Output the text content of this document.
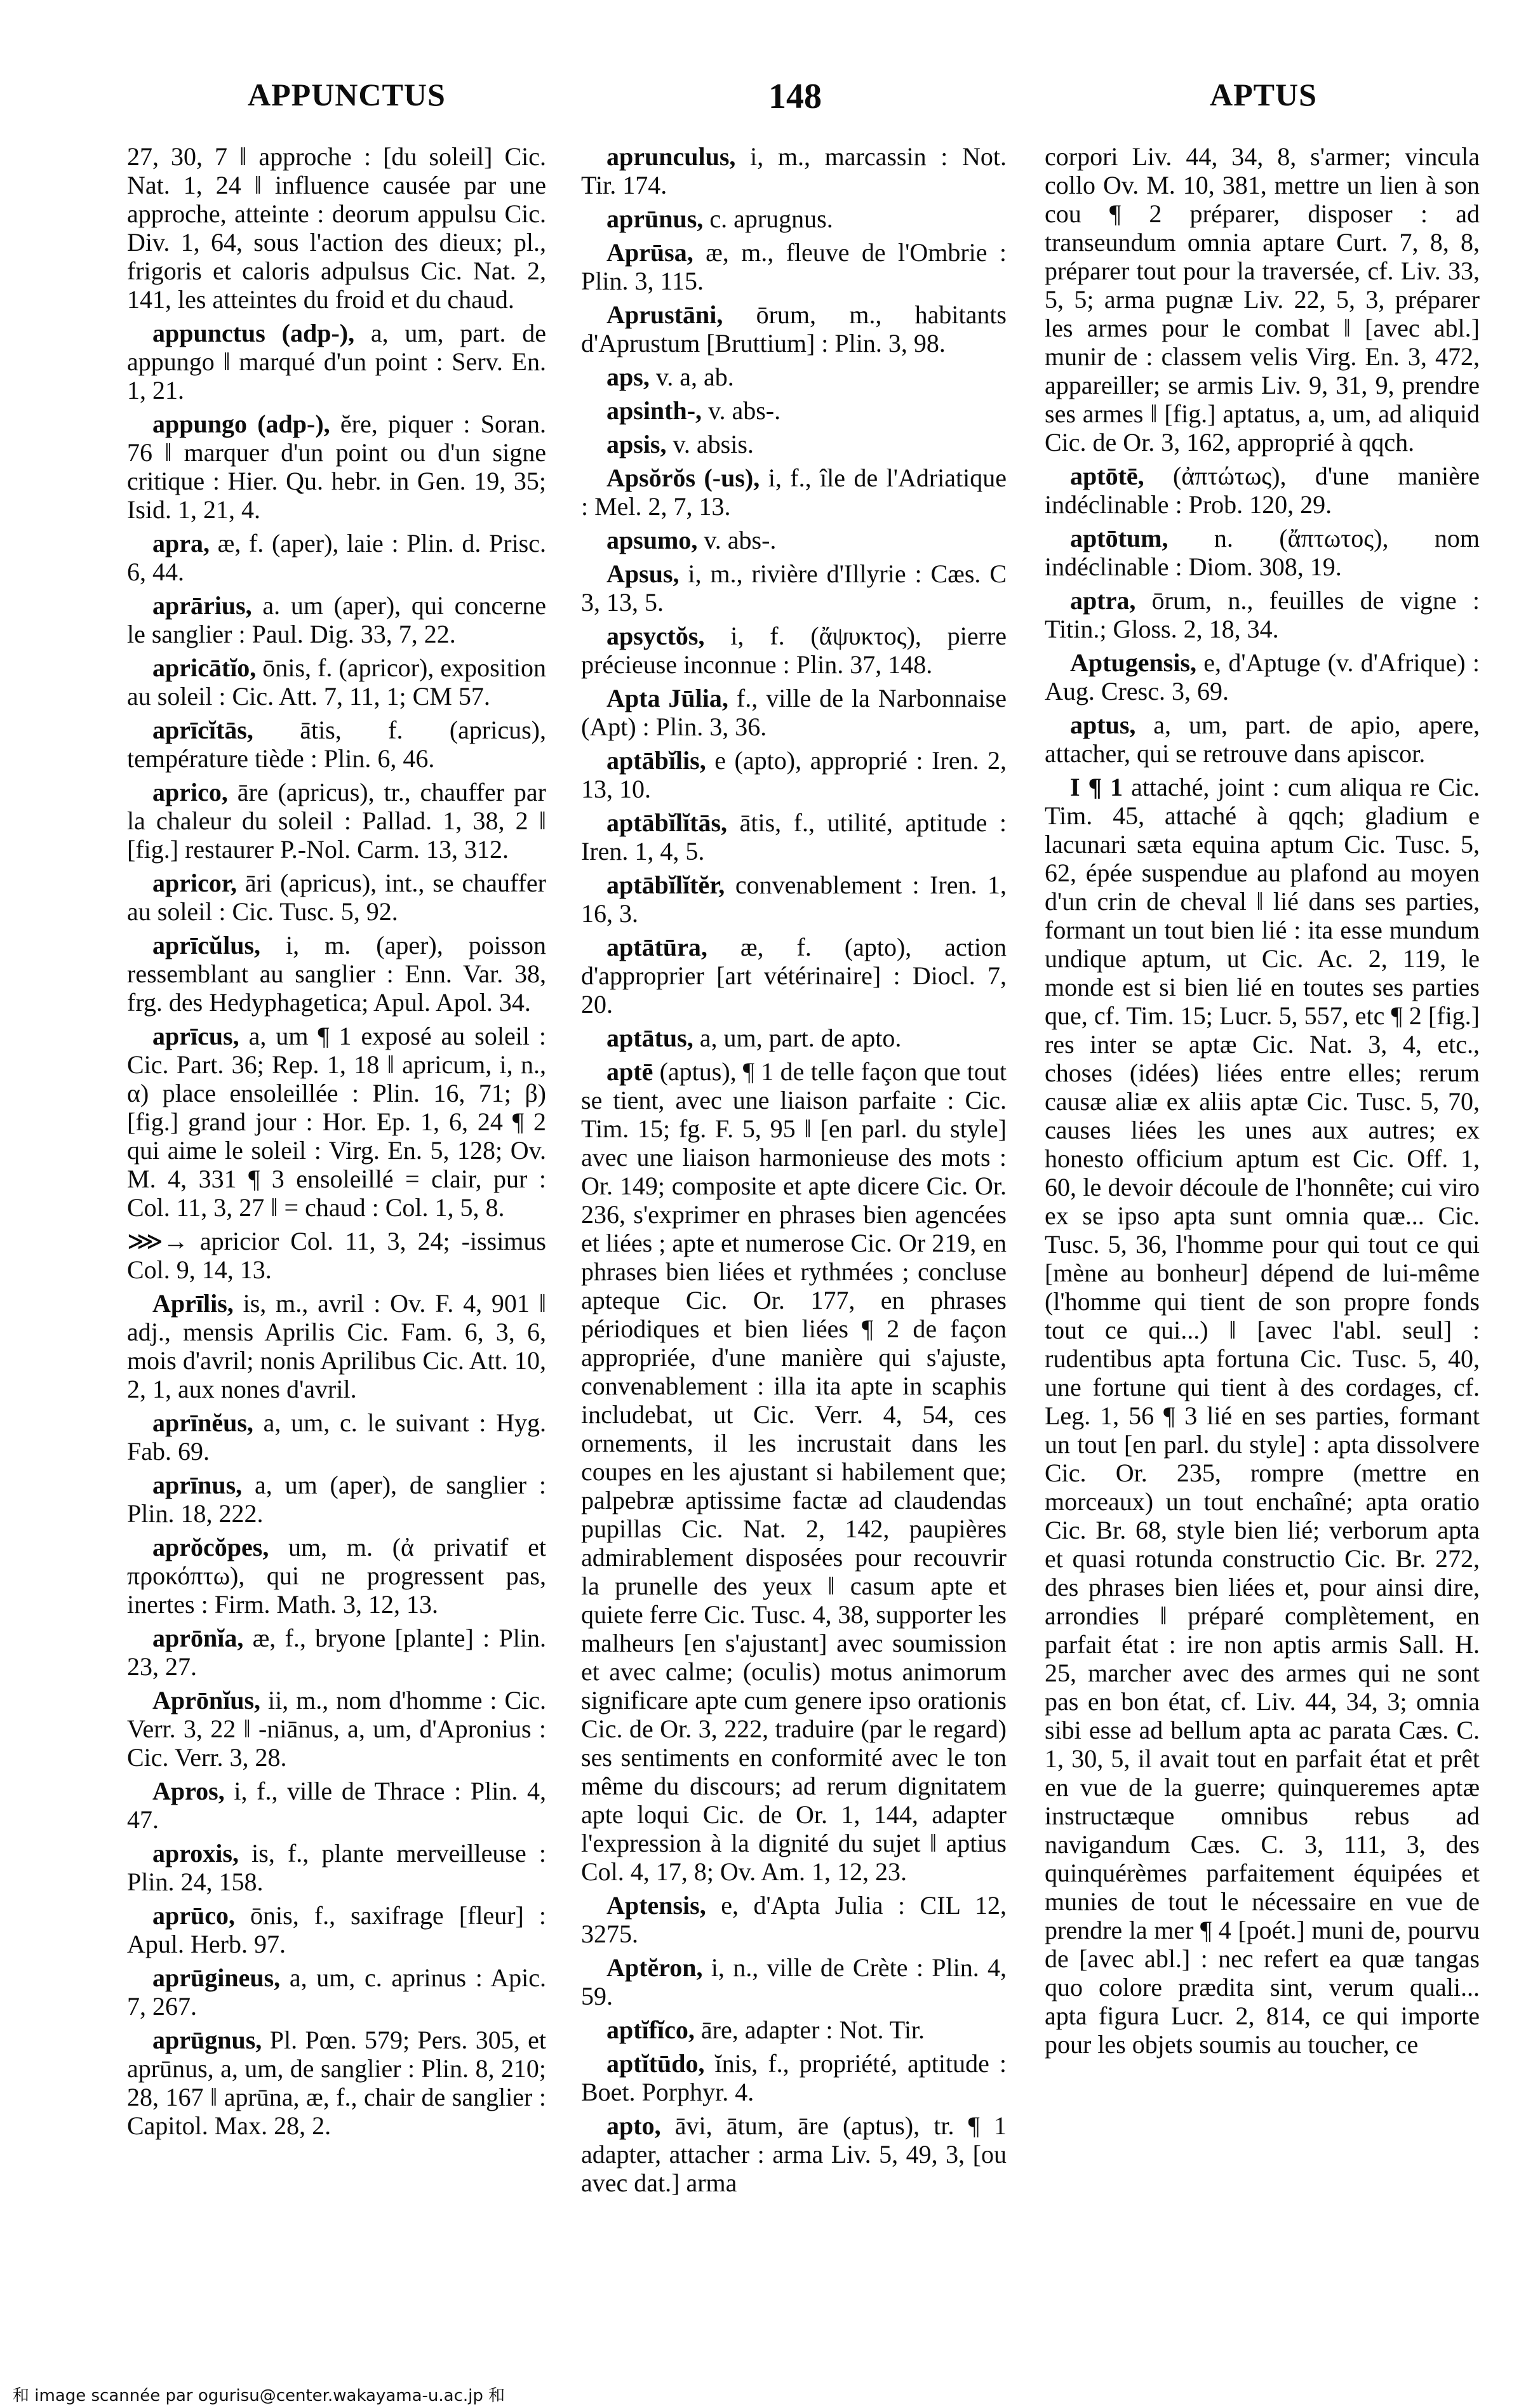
APPUNCTUS	148	APTUS

27, 30, 7 ‖ approche : [du soleil] Cic. Nat. 1, 24 ‖ influence causée par une approche, atteinte : deorum appulsu Cic. Div. 1, 64, sous l'action des dieux; pl., frigoris et caloris adpulsus Cic. Nat. 2, 141, les atteintes du froid et du chaud.

appunctus (adp-), a, um, part. de appungo ‖ marqué d'un point : Serv. En. 1, 21.

appungo (adp-), ĕre, piquer : Soran. 76 ‖ marquer d'un point ou d'un signe critique : Hier. Qu. hebr. in Gen. 19, 35; Isid. 1, 21, 4.

apra, æ, f. (aper), laie : Plin. d. Prisc. 6, 44.

aprārius, a. um (aper), qui concerne le sanglier : Paul. Dig. 33, 7, 22.

apricātĭo, ōnis, f. (apricor), exposition au soleil : Cic. Att. 7, 11, 1; CM 57.

aprīcĭtās, ātis, f. (apricus), température tiède : Plin. 6, 46.

aprico, āre (apricus), tr., chauffer par la chaleur du soleil : Pallad. 1, 38, 2 ‖ [fig.] restaurer P.-Nol. Carm. 13, 312.

apricor, āri (apricus), int., se chauffer au soleil : Cic. Tusc. 5, 92.

aprīcŭlus, i, m. (aper), poisson ressemblant au sanglier : Enn. Var. 38, frg. des Hedyphagetica; Apul. Apol. 34.

aprīcus, a, um ¶ 1 exposé au soleil : Cic. Part. 36; Rep. 1, 18 ‖ apricum, i, n., α) place ensoleillée : Plin. 16, 71; β) [fig.] grand jour : Hor. Ep. 1, 6, 24 ¶ 2 qui aime le soleil : Virg. En. 5, 128; Ov. M. 4, 331 ¶ 3 ensoleillé = clair, pur : Col. 11, 3, 27 ‖ = chaud : Col. 1, 5, 8.

⋙→ apricior Col. 11, 3, 24; -issimus Col. 9, 14, 13.

Aprīlis, is, m., avril : Ov. F. 4, 901 ‖ adj., mensis Aprilis Cic. Fam. 6, 3, 6, mois d'avril; nonis Aprilibus Cic. Att. 10, 2, 1, aux nones d'avril.

aprīnĕus, a, um, c. le suivant : Hyg. Fab. 69.

aprīnus, a, um (aper), de sanglier : Plin. 18, 222.

aprŏcŏpes, um, m. (ἀ privatif et προκόπτω), qui ne progressent pas, inertes : Firm. Math. 3, 12, 13.

aprōnĭa, æ, f., bryone [plante] : Plin. 23, 27.

Aprōnĭus, ii, m., nom d'homme : Cic. Verr. 3, 22 ‖ -niānus, a, um, d'Apronius : Cic. Verr. 3, 28.

Apros, i, f., ville de Thrace : Plin. 4, 47.

aproxis, is, f., plante merveilleuse : Plin. 24, 158.

aprūco, ōnis, f., saxifrage [fleur] : Apul. Herb. 97.

aprūgineus, a, um, c. aprinus : Apic. 7, 267.

aprūgnus, Pl. Pœn. 579; Pers. 305, et aprūnus, a, um, de sanglier : Plin. 8, 210; 28, 167 ‖ aprūna, æ, f., chair de sanglier : Capitol. Max. 28, 2.

aprunculus, i, m., marcassin : Not. Tir. 174.

aprūnus, c. aprugnus.

Aprūsa, æ, m., fleuve de l'Ombrie : Plin. 3, 115.

Aprustāni, ōrum, m., habitants d'Aprustum [Bruttium] : Plin. 3, 98.

aps, v. a, ab.

apsinth-, v. abs-.

apsis, v. absis.

Apsŏrŏs (-us), i, f., île de l'Adriatique : Mel. 2, 7, 13.

apsumo, v. abs-.

Apsus, i, m., rivière d'Illyrie : Cæs. C 3, 13, 5.

apsyctŏs, i, f. (ἄψυκτος), pierre précieuse inconnue : Plin. 37, 148.

Apta Jūlia, f., ville de la Narbonnaise (Apt) : Plin. 3, 36.

aptābĭlis, e (apto), approprié : Iren. 2, 13, 10.

aptābĭlĭtās, ātis, f., utilité, aptitude : Iren. 1, 4, 5.

aptābĭlĭtĕr, convenablement : Iren. 1, 16, 3.

aptātūra, æ, f. (apto), action d'approprier [art vétérinaire] : Diocl. 7, 20.

aptātus, a, um, part. de apto.

aptē (aptus), ¶ 1 de telle façon que tout se tient, avec une liaison parfaite : Cic. Tim. 15; fg. F. 5, 95 ‖ [en parl. du style] avec une liaison harmonieuse des mots : Or. 149; composite et apte dicere Cic. Or. 236, s'exprimer en phrases bien agencées et liées ; apte et numerose Cic. Or 219, en phrases bien liées et rythmées ; concluse apteque Cic. Or. 177, en phrases périodiques et bien liées ¶ 2 de façon appropriée, d'une manière qui s'ajuste, convenablement : illa ita apte in scaphis includebat, ut Cic. Verr. 4, 54, ces ornements, il les incrustait dans les coupes en les ajustant si habilement que; palpebræ aptissime factæ ad claudendas pupillas Cic. Nat. 2, 142, paupières admirablement disposées pour recouvrir la prunelle des yeux ‖ casum apte et quiete ferre Cic. Tusc. 4, 38, supporter les malheurs [en s'ajustant] avec soumission et avec calme; (oculis) motus animorum significare apte cum genere ipso orationis Cic. de Or. 3, 222, traduire (par le regard) ses sentiments en conformité avec le ton même du discours; ad rerum dignitatem apte loqui Cic. de Or. 1, 144, adapter l'expression à la dignité du sujet ‖ aptius Col. 4, 17, 8; Ov. Am. 1, 12, 23.

Aptensis, e, d'Apta Julia : CIL 12, 3275.

Aptĕron, i, n., ville de Crète : Plin. 4, 59.

aptĭfĭco, āre, adapter : Not. Tir.

aptĭtūdo, ĭnis, f., propriété, aptitude : Boet. Porphyr. 4.

apto, āvi, ātum, āre (aptus), tr. ¶ 1 adapter, attacher : arma Liv. 5, 49, 3, [ou avec dat.] arma

corpori Liv. 44, 34, 8, s'armer; vincula collo Ov. M. 10, 381, mettre un lien à son cou ¶ 2 préparer, disposer : ad transeundum omnia aptare Curt. 7, 8, 8, préparer tout pour la traversée, cf. Liv. 33, 5, 5; arma pugnæ Liv. 22, 5, 3, préparer les armes pour le combat ‖ [avec abl.] munir de : classem velis Virg. En. 3, 472, appareiller; se armis Liv. 9, 31, 9, prendre ses armes ‖ [fig.] aptatus, a, um, ad aliquid Cic. de Or. 3, 162, approprié à qqch.

aptōtē, (ἀπτώτως), d'une manière indéclinable : Prob. 120, 29.

aptōtum, n. (ἄπτωτος), nom indéclinable : Diom. 308, 19.

aptra, ōrum, n., feuilles de vigne : Titin.; Gloss. 2, 18, 34.

Aptugensis, e, d'Aptuge (v. d'Afrique) : Aug. Cresc. 3, 69.

aptus, a, um, part. de apio, apere, attacher, qui se retrouve dans apiscor.

I ¶ 1 attaché, joint : cum aliqua re Cic. Tim. 45, attaché à qqch; gladium e lacunari sæta equina aptum Cic. Tusc. 5, 62, épée suspendue au plafond au moyen d'un crin de cheval ‖ lié dans ses parties, formant un tout bien lié : ita esse mundum undique aptum, ut Cic. Ac. 2, 119, le monde est si bien lié en toutes ses parties que, cf. Tim. 15; Lucr. 5, 557, etc ¶ 2 [fig.] res inter se aptæ Cic. Nat. 3, 4, etc., choses (idées) liées entre elles; rerum causæ aliæ ex aliis aptæ Cic. Tusc. 5, 70, causes liées les unes aux autres; ex honesto officium aptum est Cic. Off. 1, 60, le devoir découle de l'honnête; cui viro ex se ipso apta sunt omnia quæ... Cic. Tusc. 5, 36, l'homme pour qui tout ce qui [mène au bonheur] dépend de lui-même (l'homme qui tient de son propre fonds tout ce qui...) ‖ [avec l'abl. seul] : rudentibus apta fortuna Cic. Tusc. 5, 40, une fortune qui tient à des cordages, cf. Leg. 1, 56 ¶ 3 lié en ses parties, formant un tout [en parl. du style] : apta dissolvere Cic. Or. 235, rompre (mettre en morceaux) un tout enchaîné; apta oratio Cic. Br. 68, style bien lié; verborum apta et quasi rotunda constructio Cic. Br. 272, des phrases bien liées et, pour ainsi dire, arrondies ‖ préparé complètement, en parfait état : ire non aptis armis Sall. H. 25, marcher avec des armes qui ne sont pas en bon état, cf. Liv. 44, 34, 3; omnia sibi esse ad bellum apta ac parata Cæs. C. 1, 30, 5, il avait tout en parfait état et prêt en vue de la guerre; quinqueremes aptæ instructæque omnibus rebus ad navigandum Cæs. C. 3, 111, 3, des quinquérèmes parfaitement équipées et munies de tout le nécessaire en vue de prendre la mer ¶ 4 [poét.] muni de, pourvu de [avec abl.] : nec refert ea quæ tangas quo colore prædita sint, verum quali... apta figura Lucr. 2, 814, ce qui importe pour les objets soumis au toucher, ce

和 image scannée par ogurisu@center.wakayama-u.ac.jp 和
